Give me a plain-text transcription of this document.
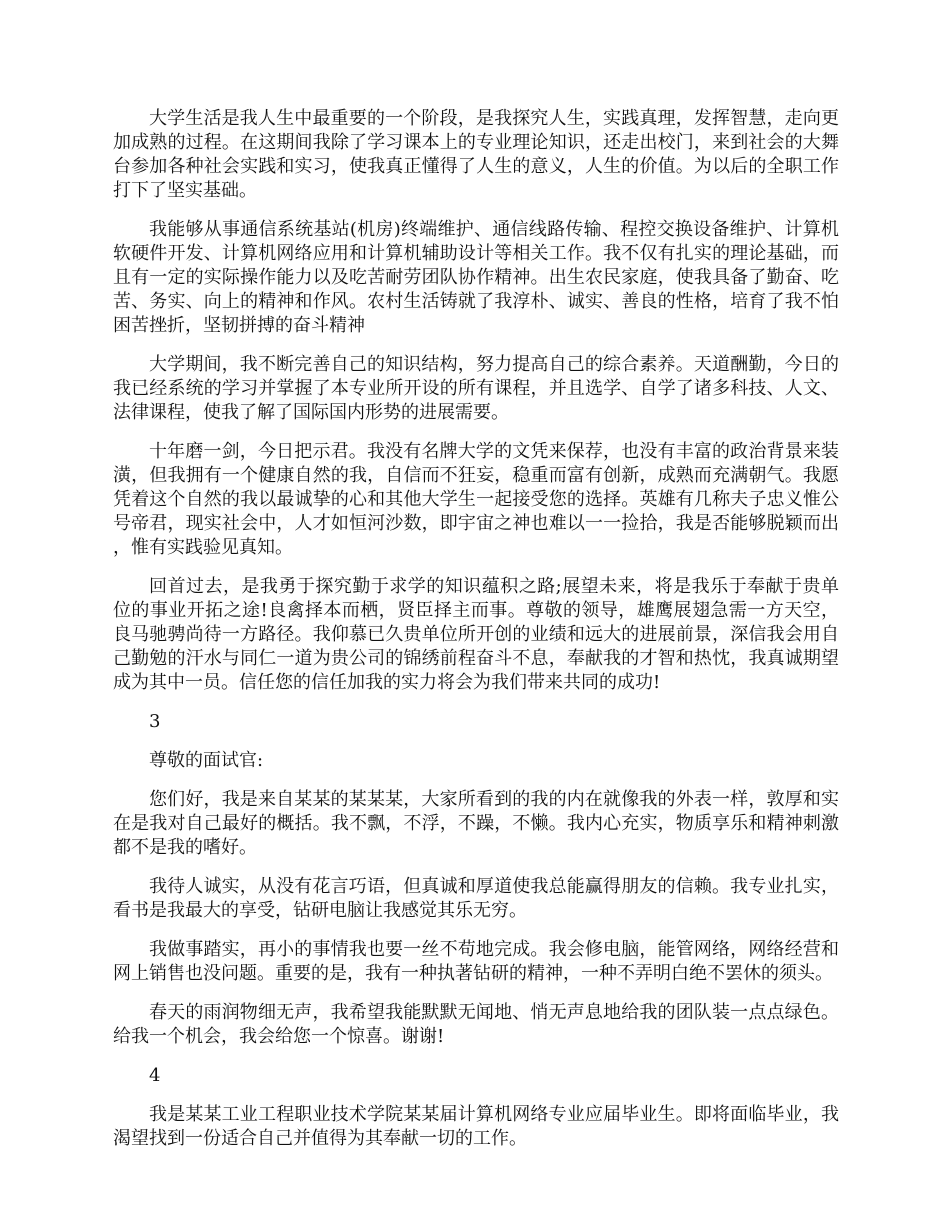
大学生活是我人生中最重要的一个阶段，是我探究人生，实践真理，发挥智慧，走向更加成熟的过程。在这期间我除了学习课本上的专业理论知识，还走出校门，来到社会的大舞台参加各种社会实践和实习，使我真正懂得了人生的意义，人生的价值。为以后的全职工作打下了坚实基础。

我能够从事通信系统基站(机房)终端维护、通信线路传输、程控交换设备维护、计算机软硬件开发、计算机网络应用和计算机辅助设计等相关工作。我不仅有扎实的理论基础，而且有一定的实际操作能力以及吃苦耐劳团队协作精神。出生农民家庭，使我具备了勤奋、吃苦、务实、向上的精神和作风。农村生活铸就了我淳朴、诚实、善良的性格，培育了我不怕困苦挫折，坚韧拼搏的奋斗精神

大学期间，我不断完善自己的知识结构，努力提高自己的综合素养。天道酬勤，今日的我已经系统的学习并掌握了本专业所开设的所有课程，并且选学、自学了诸多科技、人文、法律课程，使我了解了国际国内形势的进展需要。

十年磨一剑，今日把示君。我没有名牌大学的文凭来保荐，也没有丰富的政治背景来装潢，但我拥有一个健康自然的我，自信而不狂妄，稳重而富有创新，成熟而充满朝气。我愿凭着这个自然的我以最诚挚的心和其他大学生一起接受您的选择。英雄有几称夫子忠义惟公号帝君，现实社会中，人才如恒河沙数，即宇宙之神也难以一一捡拾，我是否能够脱颖而出，惟有实践验见真知。

回首过去，是我勇于探究勤于求学的知识蕴积之路;展望未来，将是我乐于奉献于贵单位的事业开拓之途!良禽择本而栖，贤臣择主而事。尊敬的领导，雄鹰展翅急需一方天空，良马驰骋尚待一方路径。我仰慕已久贵单位所开创的业绩和远大的进展前景，深信我会用自己勤勉的汗水与同仁一道为贵公司的锦绣前程奋斗不息，奉献我的才智和热忱，我真诚期望成为其中一员。信任您的信任加我的实力将会为我们带来共同的成功!

3

尊敬的面试官:

您们好，我是来自某某的某某某，大家所看到的我的内在就像我的外表一样，敦厚和实在是我对自己最好的概括。我不飘，不浮，不躁，不懒。我内心充实，物质享乐和精神刺激都不是我的嗜好。

我待人诚实，从没有花言巧语，但真诚和厚道使我总能赢得朋友的信赖。我专业扎实，看书是我最大的享受，钻研电脑让我感觉其乐无穷。

我做事踏实，再小的事情我也要一丝不苟地完成。我会修电脑，能管网络，网络经营和网上销售也没问题。重要的是，我有一种执著钻研的精神，一种不弄明白绝不罢休的须头。

春天的雨润物细无声，我希望我能默默无闻地、悄无声息地给我的团队装一点点绿色。给我一个机会，我会给您一个惊喜。谢谢!

4

我是某某工业工程职业技术学院某某届计算机网络专业应届毕业生。即将面临毕业，我渴望找到一份适合自己并值得为其奉献一切的工作。
